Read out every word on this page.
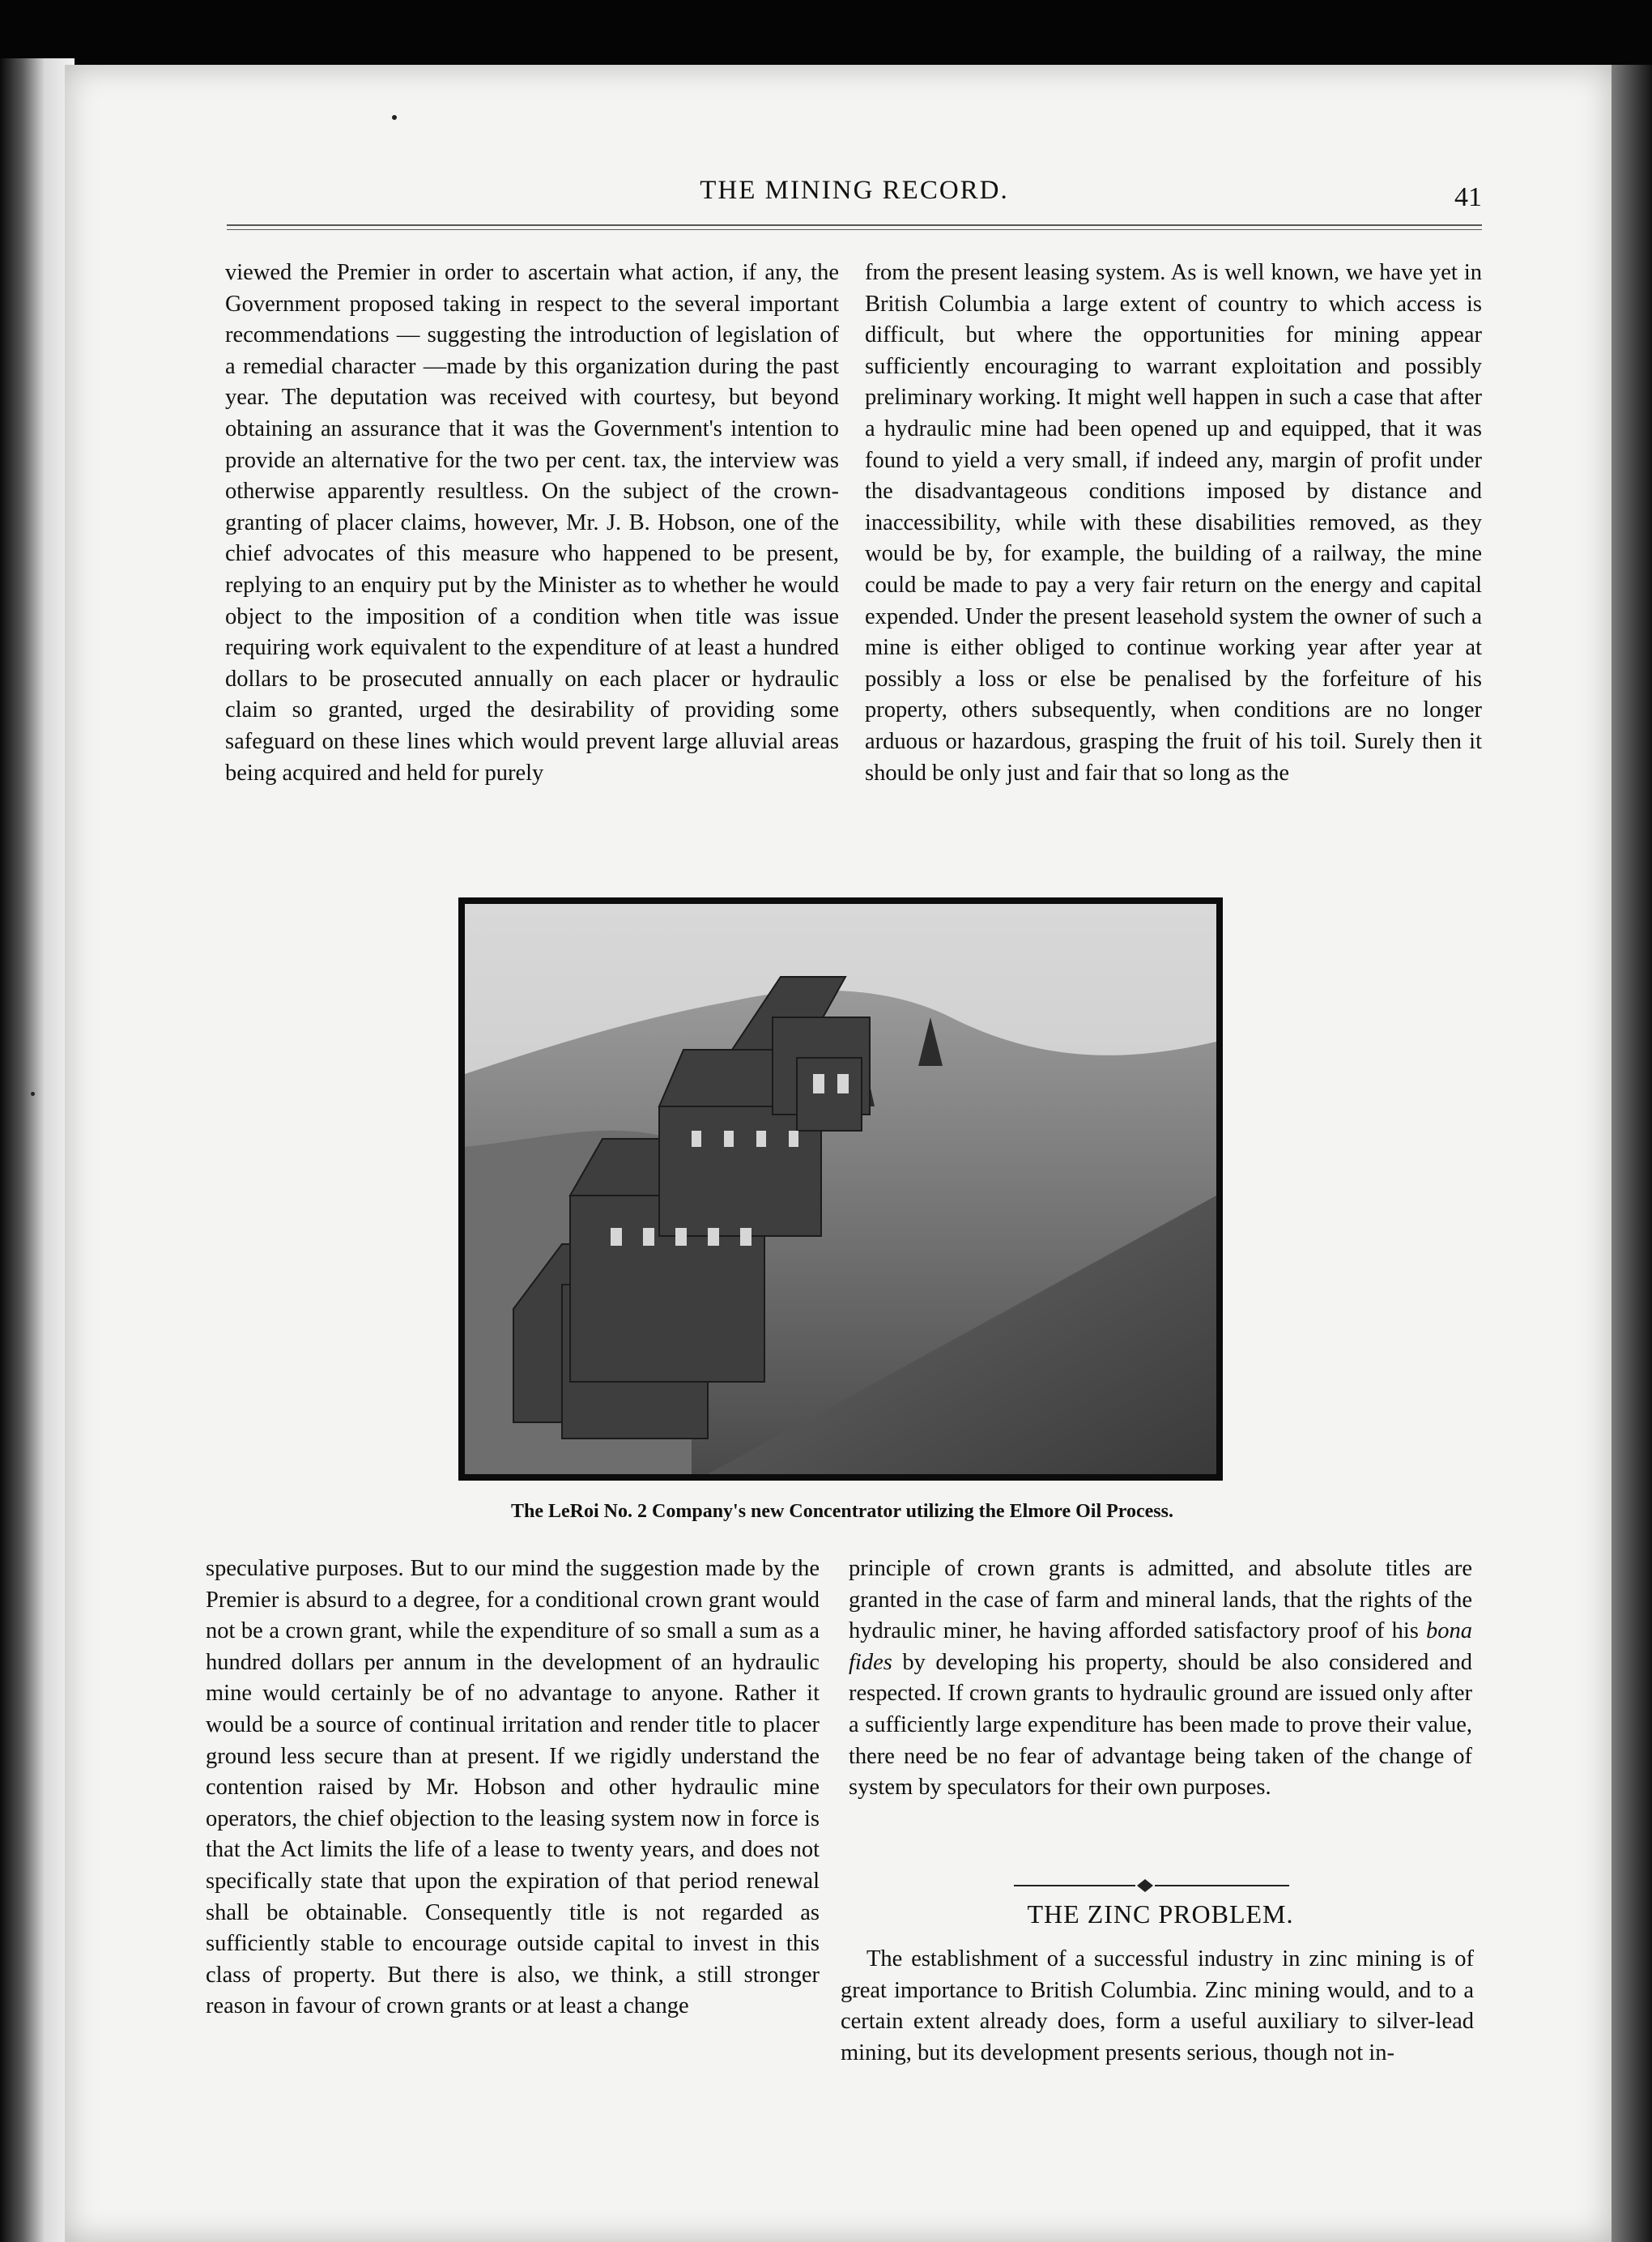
THE MINING RECORD.	41

viewed the Premier in order to ascertain what action, if any, the Government proposed taking in respect to the several important recommendations — suggesting the introduction of legislation of a remedial character —made by this organization during the past year. The deputation was received with courtesy, but beyond obtaining an assurance that it was the Government's intention to provide an alternative for the two per cent. tax, the interview was otherwise apparently resultless. On the subject of the crown-granting of placer claims, however, Mr. J. B. Hobson, one of the chief advocates of this measure who happened to be present, replying to an enquiry put by the Minister as to whether he would object to the imposition of a condition when title was issue requiring work equivalent to the expenditure of at least a hundred dollars to be prosecuted annually on each placer or hydraulic claim so granted, urged the desirability of providing some safeguard on these lines which would prevent large alluvial areas being acquired and held for purely

from the present leasing system. As is well known, we have yet in British Columbia a large extent of country to which access is difficult, but where the opportunities for mining appear sufficiently encouraging to warrant exploitation and possibly preliminary working. It might well happen in such a case that after a hydraulic mine had been opened up and equipped, that it was found to yield a very small, if indeed any, margin of profit under the disadvantageous conditions imposed by distance and inaccessibility, while with these disabilities removed, as they would be by, for example, the building of a railway, the mine could be made to pay a very fair return on the energy and capital expended. Under the present leasehold system the owner of such a mine is either obliged to continue working year after year at possibly a loss or else be penalised by the forfeiture of his property, others subsequently, when conditions are no longer arduous or hazardous, grasping the fruit of his toil. Surely then it should be only just and fair that so long as the

The LeRoi No. 2 Company's new Concentrator utilizing the Elmore Oil Process.

speculative purposes. But to our mind the suggestion made by the Premier is absurd to a degree, for a conditional crown grant would not be a crown grant, while the expenditure of so small a sum as a hundred dollars per annum in the development of an hydraulic mine would certainly be of no advantage to anyone. Rather it would be a source of continual irritation and render title to placer ground less secure than at present. If we rigidly understand the contention raised by Mr. Hobson and other hydraulic mine operators, the chief objection to the leasing system now in force is that the Act limits the life of a lease to twenty years, and does not specifically state that upon the expiration of that period renewal shall be obtainable. Consequently title is not regarded as sufficiently stable to encourage outside capital to invest in this class of property. But there is also, we think, a still stronger reason in favour of crown grants or at least a change

principle of crown grants is admitted, and absolute titles are granted in the case of farm and mineral lands, that the rights of the hydraulic miner, he having afforded satisfactory proof of his bona fides by developing his property, should be also considered and respected. If crown grants to hydraulic ground are issued only after a sufficiently large expenditure has been made to prove their value, there need be no fear of advantage being taken of the change of system by speculators for their own purposes.

THE ZINC PROBLEM.

The establishment of a successful industry in zinc mining is of great importance to British Columbia. Zinc mining would, and to a certain extent already does, form a useful auxiliary to silver-lead mining, but its development presents serious, though not in-
